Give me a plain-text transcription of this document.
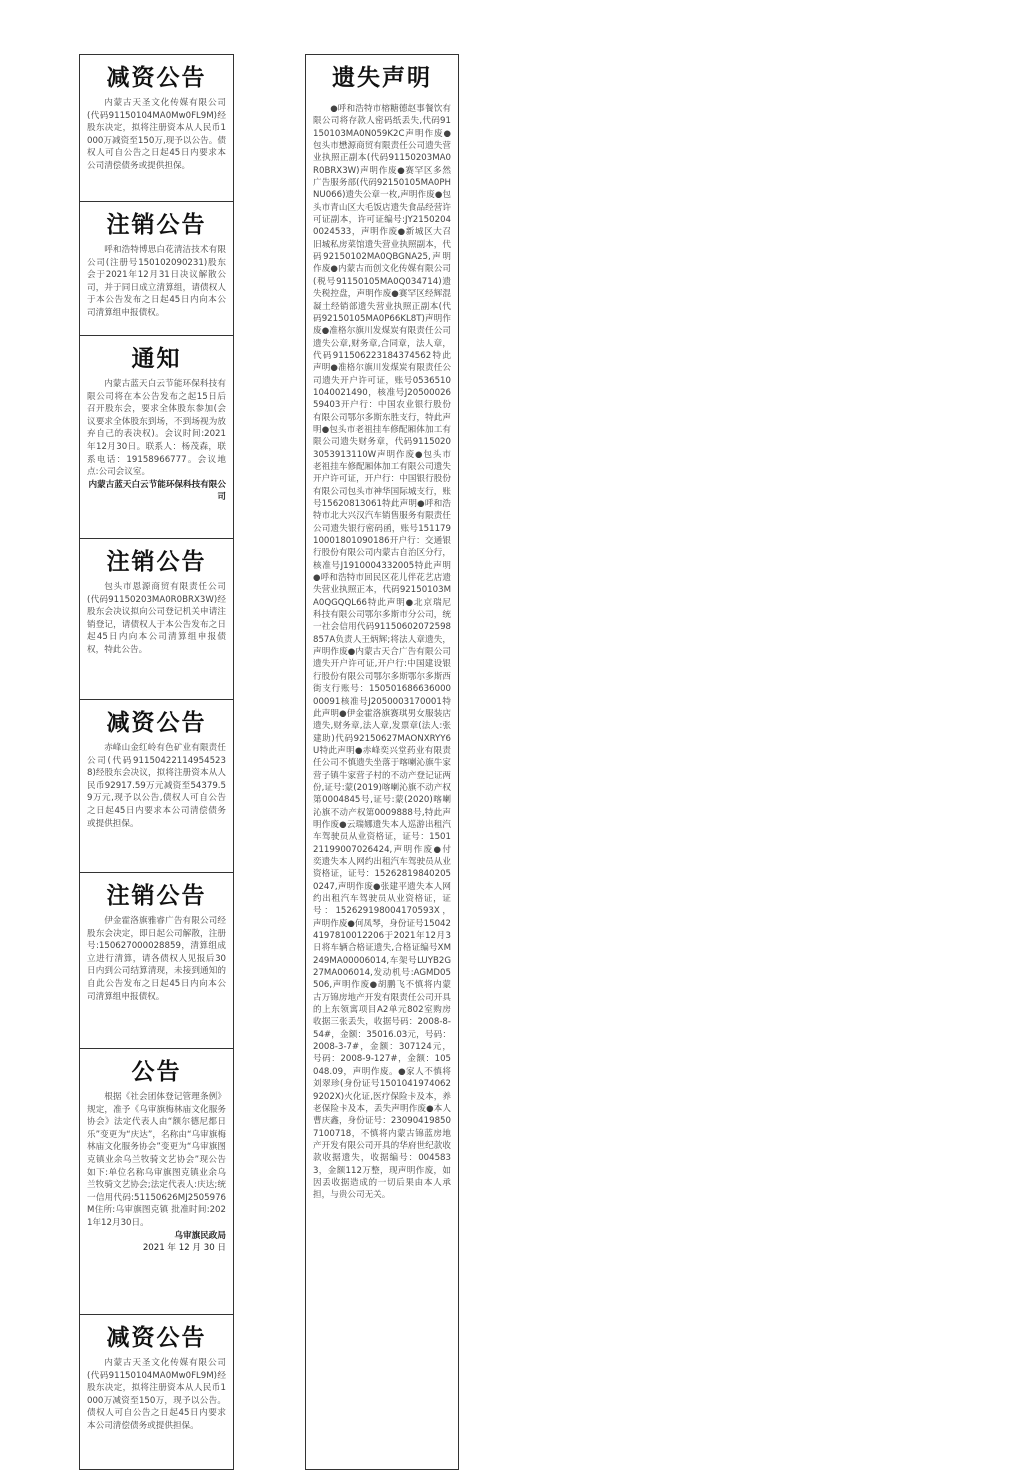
减资公告
内蒙古天圣文化传媒有限公司(代码91150104MA0Mw0FL9M)经股东决定，拟将注册资本从人民币1000万减资至150万,现予以公告。债权人可自公告之日起45日内要求本公司清偿债务或提供担保。
注销公告
呼和浩特博思白花清洁技术有限公司(注册号150102090231)股东会于2021年12月31日决议解散公司，并于同日成立清算组，请债权人于本公告发布之日起45日内向本公司清算组申报债权。
通知
内蒙古蓝天白云节能环保科技有限公司将在本公告发布之起15日后召开股东会，要求全体股东参加(会议要求全体股东到场，不到场视为放弃自己的表决权)。会议时间:2021年12月30日。联系人：杨茂森，联系电话：19158966777。会议地点:公司会议室。
内蒙古蓝天白云节能环保科技有限公司
注销公告
包头市恩源商贸有限责任公司(代码91150203MA0R0BRX3W)经股东会决议拟向公司登记机关申请注销登记，请债权人于本公告发布之日起45日内向本公司清算组申报债权，特此公告。
减资公告
赤峰山金红岭有色矿业有限责任公司(代码911504221149545238)经股东会决议，拟将注册资本从人民币92917.59万元减资至54379.59万元,现予以公告,债权人可自公告之日起45日内要求本公司清偿债务或提供担保。
注销公告
伊金霍洛旗雅睿广告有限公司经股东会决定，即日起公司解散，注册号:150627000028859，清算组成立进行清算，请各债权人见报后30日内到公司结算清现，未接到通知的自此公告发布之日起45日内向本公司清算组申报债权。
公告
根据《社会团体登记管理条例》规定，准予《乌审旗梅林庙文化服务协会》法定代表人由“额尔德尼都日乐”变更为“庆达”，名称由“乌审旗梅林庙文化服务协会”变更为“乌审旗图克镇业余乌兰牧骑文艺协会”现公告如下:单位名称乌审旗图克镇业余乌兰牧骑文艺协会;法定代表人:庆达;统一信用代码:51150626MJ2505976M住所:乌审旗图克镇 批准时间:2021年12月30日。
乌审旗民政局
2021 年 12 月 30 日
减资公告
内蒙古天圣文化传媒有限公司(代码91150104MA0Mw0FL9M)经股东决定，拟将注册资本从人民币1000万减资至150万，现予以公告。债权人可自公告之日起45日内要求本公司清偿债务或提供担保。
遗失声明
●呼和浩特市榕糖德赵事餐饮有限公司将存款人密码纸丢失,代码91150103MA0N059K2C声明作废●包头市懋源商贸有限责任公司遗失营业执照正副本(代码91150203MA0R0BRX3W)声明作废●赛罕区多然广告服务部(代码92150105MA0PHNU066)遗失公章一枚,声明作废●包头市青山区大毛饭店遗失食品经营许可证副本，许可证编号:JY21502040024533，声明作废●新城区大召旧城私房菜馆遗失营业执照副本，代码92150102MA0QBGNA25,声明作废●内蒙古而创文化传媒有限公司(税号91150105MA0Q034714)遗失税控盘，声明作废●赛罕区经辉混凝土经销部遗失营业执照正副本(代码92150105MA0P66KL8T)声明作废●准格尔旗川发煤炭有限责任公司遗失公章,财务章,合同章，法人章，代码911506223184374562特此声明●准格尔旗川发煤炭有限责任公司遗失开户许可证，账号05365101040021490，核准号J2050002659403开户行：中国农业银行股份有限公司鄂尔多斯东胜支行，特此声明●包头市老祖挂车修配厢体加工有限公司遗失财务章，代码91150203053913110W声明作废●包头市老祖挂车修配厢体加工有限公司遗失开户许可证，开户行：中国银行股份有限公司包头市神华国际城支行，账号15620813061特此声明●呼和浩特市北大兴汉汽车销售服务有限责任公司遗失银行密码函，账号15117910001801090186开户行：交通银行股份有限公司内蒙古自治区分行，核准号J1910004332005特此声明●呼和浩特市回民区花儿伴花艺店遗失营业执照正本，代码92150103MA0QGQQL66特此声明●北京瑞尼科技有限公司鄂尔多斯市分公司，统一社会信用代码91150602072598857A负责人王炳辉;将法人章遗失，声明作废●内蒙古天合广告有限公司遗失开户许可证,开户行:中国建设银行股份有限公司鄂尔多斯鄂尔多斯西街支行账号：15050168663600000091核准号J2050003170001特此声明●伊金霍洛旗赛琪男女服装店遗失,财务章,法人章,发票章(法人:张建助)代码92150627MAONXRYY6U特此声明●赤峰奕兴堂药业有限责任公司不慎遗失坐落于喀喇沁旗牛家营子镇牛家营子村的不动产登记证两份,证号:蒙(2019)喀喇沁旗不动产权第0004845号,证号:蒙(2020)喀喇沁旗不动产权第0009888号,特此声明作废●云瑞娜遗失本人巡游出租汽车驾驶员从业资格证，证号：150121199007026424,声明作废●付奕遗失本人网约出租汽车驾驶员从业资格证，证号：152628198402050247,声明作废●张建平遗失本人网约出租汽车驾驶员从业资格证，证号：152629198004170593X，声明作废●何凤琴，身份证号150424197810012206于2021年12月3日将车辆合格证遗失,合格证编号XM249MA00006014,车架号LUYB2G27MA006014,发动机号:AGMD05506,声明作废●胡鹏飞不慎将内蒙古万锦房地产开发有限责任公司开具的上东领寓项目A2单元802室购房收据三张丢失，收据号码：2008-8-54#，金额：35016.03元，号码：2008-3-7#，金额：307124元，号码：2008-9-127#，金额：105048.09，声明作废。●家人不慎将刘翠珍(身份证号15010419740629202X)火化证,医疗保险卡及本，养老保险卡及本，丢失声明作废●本人曹庆鑫，身份证号：230904198507100718，不慎将内蒙古锦蓝房地产开发有限公司开具的华府世纪款收款收据遗失，收据编号：0045833，金额112万整，现声明作废，如因丢收据造成的一切后果由本人承担，与贵公司无关。
